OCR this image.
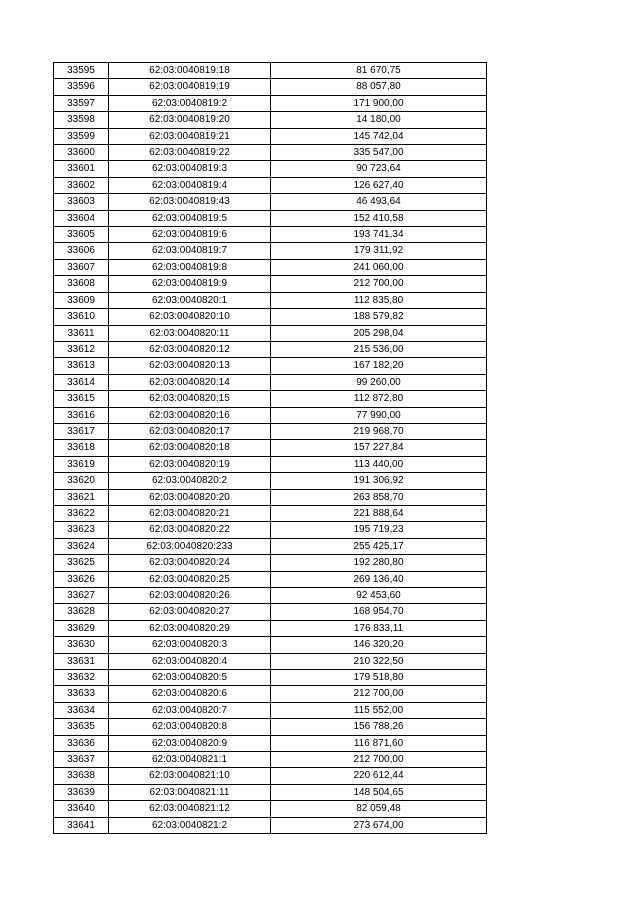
33595	62:03:0040819:18	81 670,75
33596	62:03:0040819:19	88 057,80
33597	62:03:0040819:2	171 900,00
33598	62:03:0040819:20	14 180,00
33599	62:03:0040819:21	145 742,04
33600	62:03:0040819:22	335 547,00
33601	62:03:0040819:3	90 723,64
33602	62:03:0040819:4	126 627,40
33603	62:03:0040819:43	46 493,64
33604	62:03:0040819:5	152 410,58
33605	62:03:0040819:6	193 741,34
33606	62:03:0040819:7	179 311,92
33607	62:03:0040819:8	241 060,00
33608	62:03:0040819:9	212 700,00
33609	62:03:0040820:1	112 835,80
33610	62:03:0040820:10	188 579,82
33611	62:03:0040820:11	205 298,04
33612	62:03:0040820:12	215 536,00
33613	62:03:0040820:13	167 182,20
33614	62:03:0040820:14	99 260,00
33615	62:03:0040820:15	112 872,80
33616	62:03:0040820:16	77 990,00
33617	62:03:0040820:17	219 968,70
33618	62:03:0040820:18	157 227,84
33619	62:03:0040820:19	113 440,00
33620	62:03:0040820:2	191 306,92
33621	62:03:0040820:20	263 858,70
33622	62:03:0040820:21	221 888,64
33623	62:03:0040820:22	195 719,23
33624	62:03:0040820:233	255 425,17
33625	62:03:0040820:24	192 280,80
33626	62:03:0040820:25	269 136,40
33627	62:03:0040820:26	92 453,60
33628	62:03:0040820:27	168 954,70
33629	62:03:0040820:29	176 833,11
33630	62:03:0040820:3	146 320,20
33631	62:03:0040820:4	210 322,50
33632	62:03:0040820:5	179 518,80
33633	62:03:0040820:6	212 700,00
33634	62:03:0040820:7	115 552,00
33635	62:03:0040820:8	156 788,26
33636	62:03:0040820:9	116 871,60
33637	62:03:0040821:1	212 700,00
33638	62:03:0040821:10	220 612,44
33639	62:03:0040821:11	148 504,65
33640	62:03:0040821:12	82 059,48
33641	62:03:0040821:2	273 674,00
